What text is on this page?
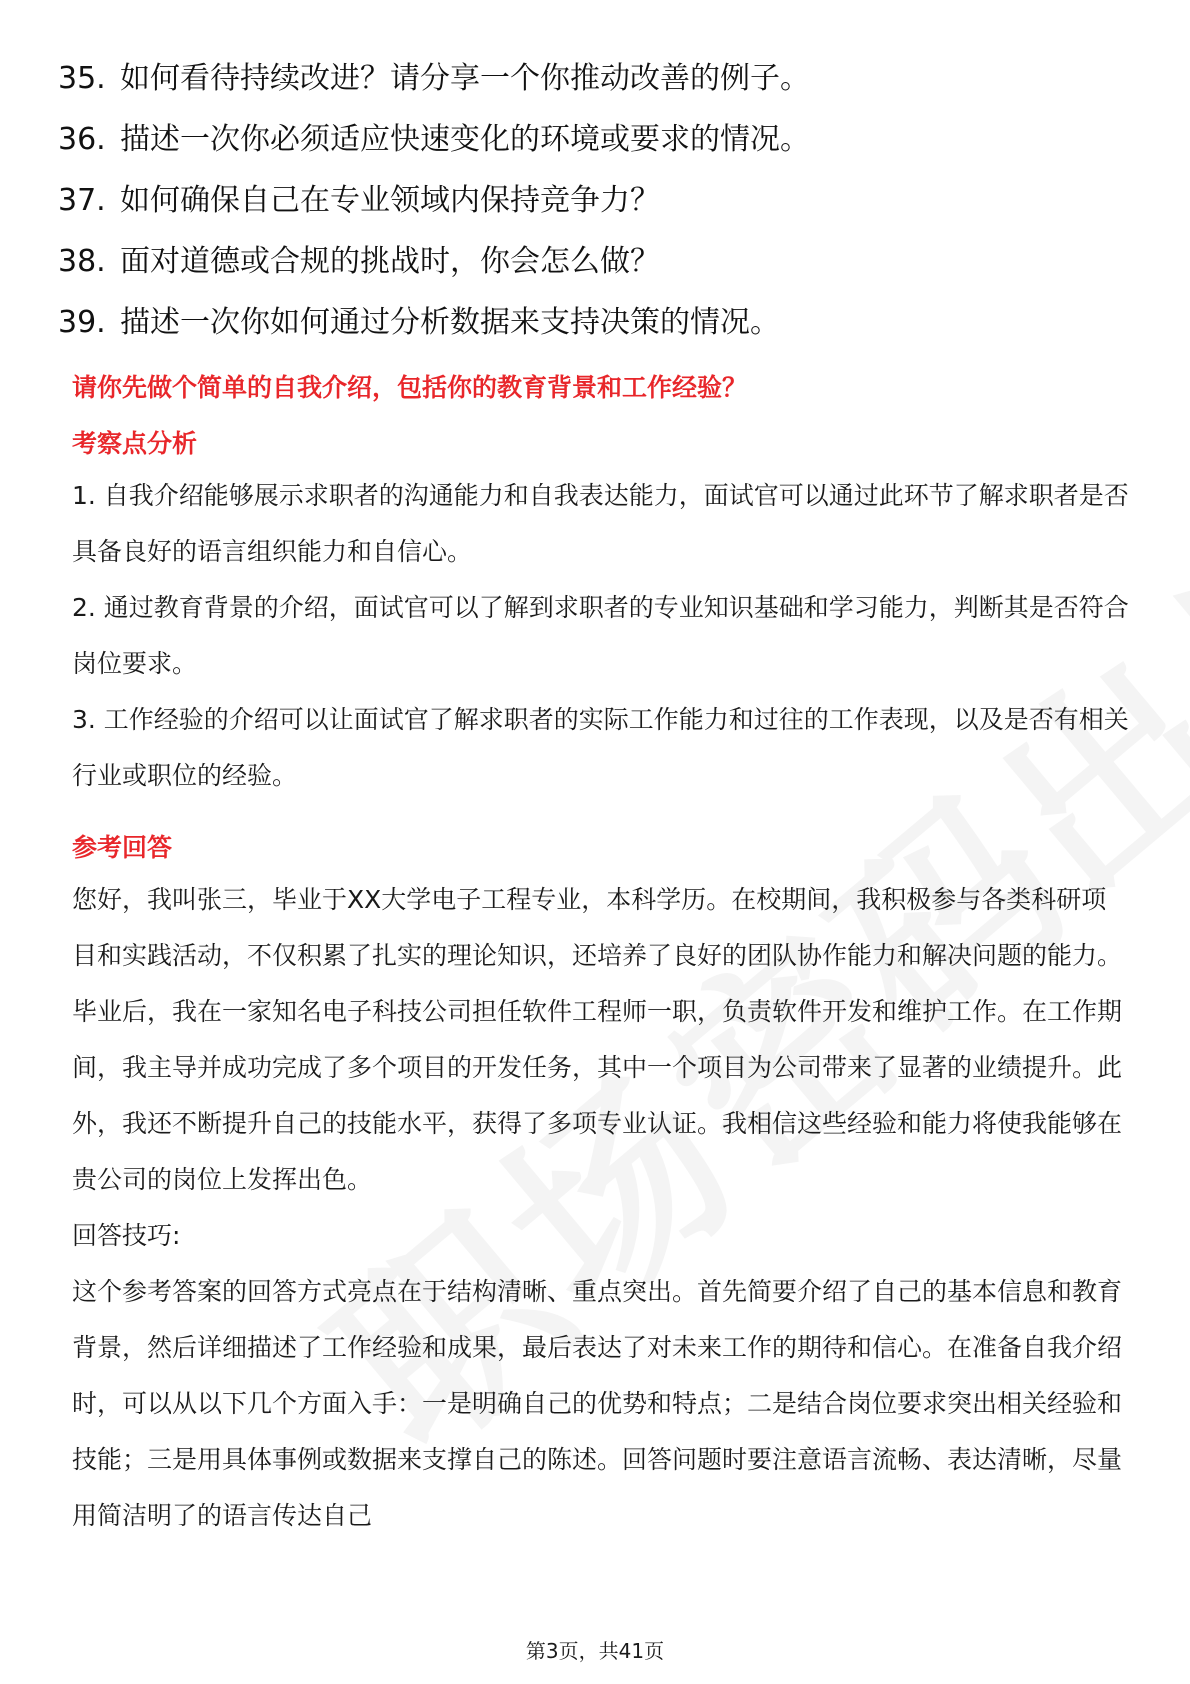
35. 如何看待持续改进？请分享一个你推动改善的例子。
36. 描述一次你必须适应快速变化的环境或要求的情况。
37. 如何确保自己在专业领域内保持竞争力？
38. 面对道德或合规的挑战时，你会怎么做？
39. 描述一次你如何通过分析数据来支持决策的情况。

请你先做个简单的自我介绍，包括你的教育背景和工作经验？

考察点分析

1. 自我介绍能够展示求职者的沟通能力和自我表达能力，面试官可以通过此环节了解求职者是否具备良好的语言组织能力和自信心。

2. 通过教育背景的介绍，面试官可以了解到求职者的专业知识基础和学习能力，判断其是否符合岗位要求。

3. 工作经验的介绍可以让面试官了解求职者的实际工作能力和过往的工作表现，以及是否有相关行业或职位的经验。

参考回答

您好，我叫张三，毕业于XX大学电子工程专业，本科学历。在校期间，我积极参与各类科研项目和实践活动，不仅积累了扎实的理论知识，还培养了良好的团队协作能力和解决问题的能力。毕业后，我在一家知名电子科技公司担任软件工程师一职，负责软件开发和维护工作。在工作期间，我主导并成功完成了多个项目的开发任务，其中一个项目为公司带来了显著的业绩提升。此外，我还不断提升自己的技能水平，获得了多项专业认证。我相信这些经验和能力将使我能够在贵公司的岗位上发挥出色。

回答技巧:

这个参考答案的回答方式亮点在于结构清晰、重点突出。首先简要介绍了自己的基本信息和教育背景，然后详细描述了工作经验和成果，最后表达了对未来工作的期待和信心。在准备自我介绍时，可以从以下几个方面入手：一是明确自己的优势和特点；二是结合岗位要求突出相关经验和技能；三是用具体事例或数据来支撑自己的陈述。回答问题时要注意语言流畅、表达清晰，尽量用简洁明了的语言传达自己

第3页，共41页
